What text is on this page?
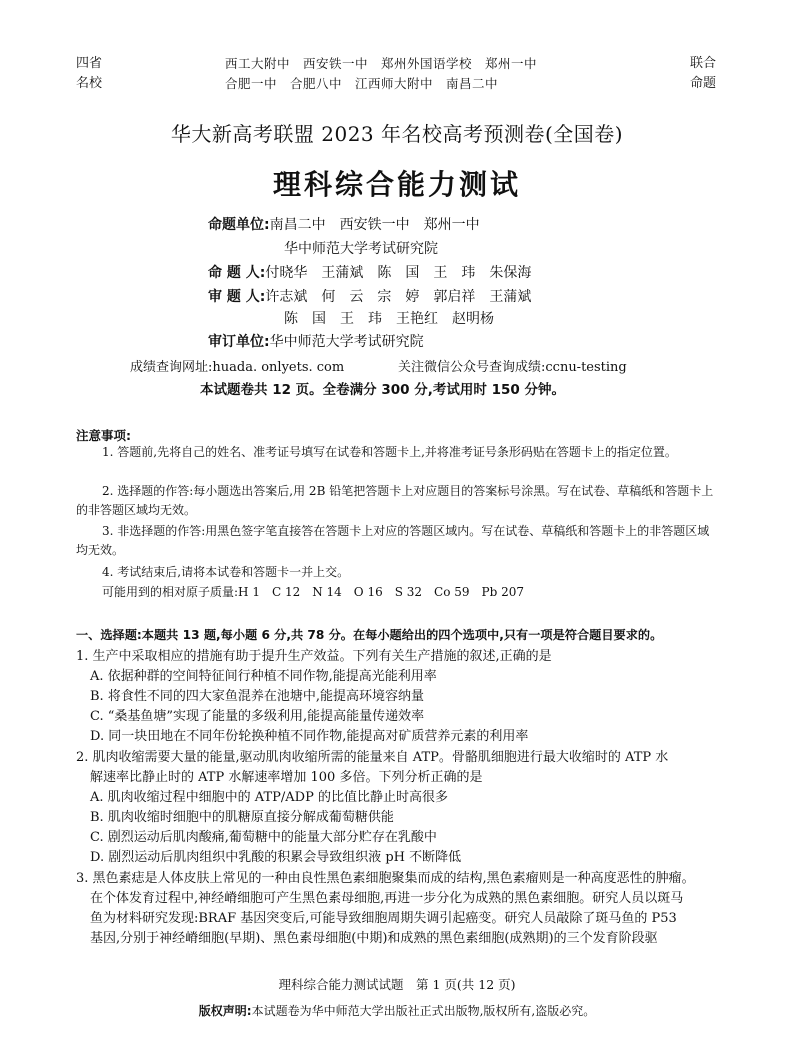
四省
名校
联合
命题
西工大附中　西安铁一中　郑州外国语学校　郑州一中
合肥一中　合肥八中　江西师大附中　南昌二中
华大新高考联盟 2023 年名校高考预测卷(全国卷)
理科综合能力测试
命题单位:南昌二中　西安铁一中　郑州一中
华中师范大学考试研究院
命 题 人:付晓华　王蒲斌　陈　国　王　玮　朱保海
审 题 人:许志斌　何　云　宗　婷　郭启祥　王蒲斌
陈　国　王　玮　王艳红　赵明杨
审订单位:华中师范大学考试研究院
成绩查询网址:huada. onlyets. com	关注微信公众号查询成绩:ccnu-testing
本试题卷共 12 页。全卷满分 300 分,考试用时 150 分钟。
注意事项:
1. 答题前,先将自己的姓名、准考证号填写在试卷和答题卡上,并将准考证号条形码贴在答题卡上的指定位置。
2. 选择题的作答:每小题选出答案后,用 2B 铅笔把答题卡上对应题目的答案标号涂黑。写在试卷、草稿纸和答题卡上的非答题区域均无效。
3. 非选择题的作答:用黑色签字笔直接答在答题卡上对应的答题区域内。写在试卷、草稿纸和答题卡上的非答题区域均无效。
4. 考试结束后,请将本试卷和答题卡一并上交。
可能用到的相对原子质量:H 1　C 12　N 14　O 16　S 32　Co 59　Pb 207
一、选择题:本题共 13 题,每小题 6 分,共 78 分。在每小题给出的四个选项中,只有一项是符合题目要求的。
1. 生产中采取相应的措施有助于提升生产效益。下列有关生产措施的叙述,正确的是
A. 依据种群的空间特征间行种植不同作物,能提高光能利用率
B. 将食性不同的四大家鱼混养在池塘中,能提高环境容纳量
C. “桑基鱼塘”实现了能量的多级利用,能提高能量传递效率
D. 同一块田地在不同年份轮换种植不同作物,能提高对矿质营养元素的利用率
2. 肌肉收缩需要大量的能量,驱动肌肉收缩所需的能量来自 ATP。骨骼肌细胞进行最大收缩时的 ATP 水
解速率比静止时的 ATP 水解速率增加 100 多倍。下列分析正确的是
A. 肌肉收缩过程中细胞中的 ATP/ADP 的比值比静止时高很多
B. 肌肉收缩时细胞中的肌糖原直接分解成葡萄糖供能
C. 剧烈运动后肌肉酸痛,葡萄糖中的能量大部分贮存在乳酸中
D. 剧烈运动后肌肉组织中乳酸的积累会导致组织液 pH 不断降低
3. 黑色素痣是人体皮肤上常见的一种由良性黑色素细胞聚集而成的结构,黑色素瘤则是一种高度恶性的肿瘤。
在个体发育过程中,神经嵴细胞可产生黑色素母细胞,再进一步分化为成熟的黑色素细胞。研究人员以斑马
鱼为材料研究发现:BRAF 基因突变后,可能导致细胞周期失调引起癌变。研究人员敲除了斑马鱼的 P53
基因,分别于神经嵴细胞(早期)、黑色素母细胞(中期)和成熟的黑色素细胞(成熟期)的三个发育阶段驱
理科综合能力测试试题　第 1 页(共 12 页)
版权声明:本试题卷为华中师范大学出版社正式出版物,版权所有,盗版必究。
